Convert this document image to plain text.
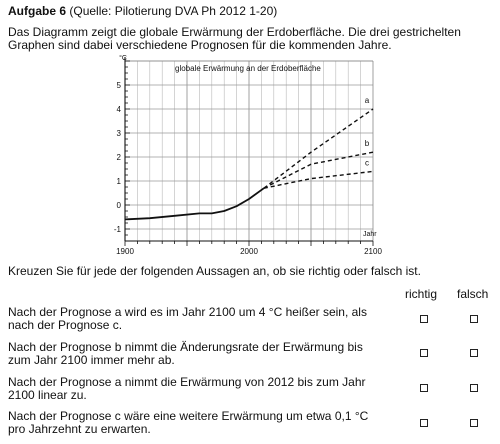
Aufgabe 6 (Quelle: Pilotierung DVA Ph 2012 1-20)
Das Diagramm zeigt die globale Erwärmung der Erdoberfläche. Die drei gestrichelten Graphen sind dabei verschiedene Prognosen für die kommenden Jahre.
-1
0
1
2
3
4
5
1900	2000	2100
a
b
c
°C
Jahr
globale Erwärmung an der Erdoberfläche
Kreuzen Sie für jede der folgenden Aussagen an, ob sie richtig oder falsch ist.
richtig falsch
Nach der Prognose a wird es im Jahr 2100 um 4 °C heißer sein, als nach der Prognose c.
Nach der Prognose b nimmt die Änderungsrate der Erwärmung bis zum Jahr 2100 immer mehr ab.
Nach der Prognose a nimmt die Erwärmung von 2012 bis zum Jahr 2100 linear zu.
Nach der Prognose c wäre eine weitere Erwärmung um etwa 0,1 °C pro Jahrzehnt zu erwarten.
